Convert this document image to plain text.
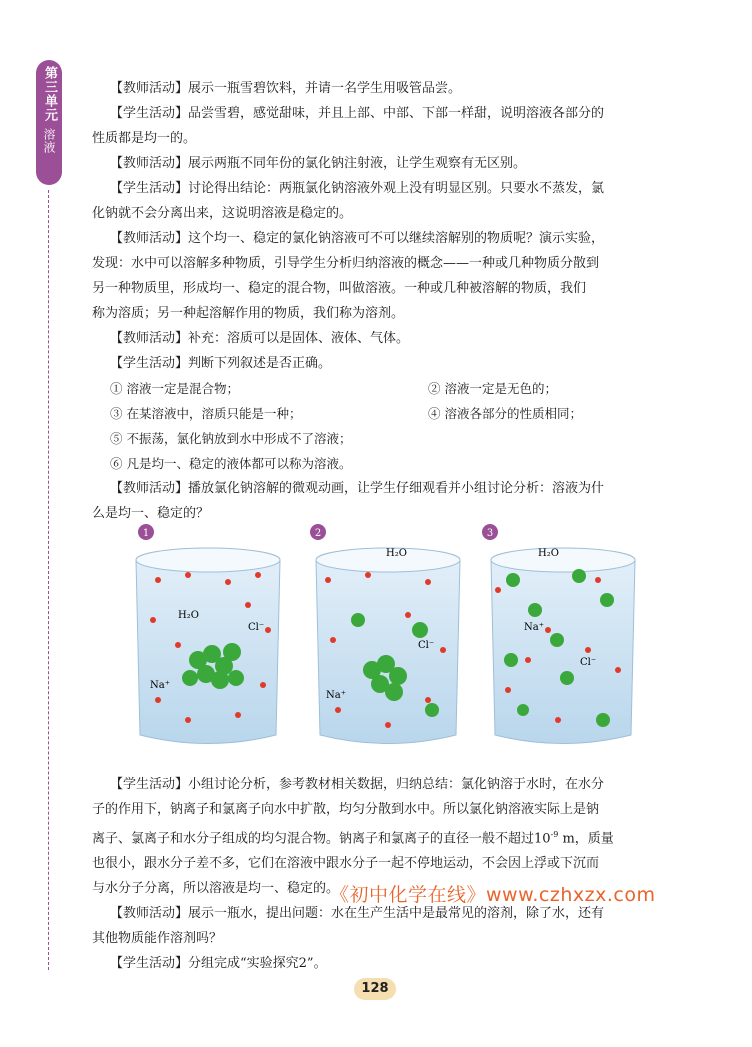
第三单元
溶液

【教师活动】展示一瓶雪碧饮料，并请一名学生用吸管品尝。

【学生活动】品尝雪碧，感觉甜味，并且上部、中部、下部一样甜，说明溶液各部分的

性质都是均一的。

【教师活动】展示两瓶不同年份的氯化钠注射液，让学生观察有无区别。

【学生活动】讨论得出结论：两瓶氯化钠溶液外观上没有明显区别。只要水不蒸发，氯

化钠就不会分离出来，这说明溶液是稳定的。

【教师活动】这个均一、稳定的氯化钠溶液可不可以继续溶解别的物质呢？演示实验，

发现：水中可以溶解多种物质，引导学生分析归纳溶液的概念——一种或几种物质分散到

另一种物质里，形成均一、稳定的混合物，叫做溶液。一种或几种被溶解的物质，我们

称为溶质；另一种起溶解作用的物质，我们称为溶剂。

【教师活动】补充：溶质可以是固体、液体、气体。

【学生活动】判断下列叙述是否正确。

① 溶液一定是混合物；	② 溶液一定是无色的；
③ 在某溶液中，溶质只能是一种；	④ 溶液各部分的性质相同；
⑤ 不振荡，氯化钠放到水中形成不了溶液；
⑥ 凡是均一、稳定的液体都可以称为溶液。

【教师活动】播放氯化钠溶解的微观动画，让学生仔细观看并小组讨论分析：溶液为什

么是均一、稳定的？

1	2	3
H₂O
Cl⁻
Na⁺
H₂O
Cl⁻
Na⁺
H₂O
Na⁺
Cl⁻

【学生活动】小组讨论分析，参考教材相关数据，归纳总结：氯化钠溶于水时，在水分

子的作用下，钠离子和氯离子向水中扩散，均匀分散到水中。所以氯化钠溶液实际上是钠

离子、氯离子和水分子组成的均匀混合物。钠离子和氯离子的直径一般不超过$10^{-9}$ m，质量

也很小，跟水分子差不多，它们在溶液中跟水分子一起不停地运动，不会因上浮或下沉而

与水分子分离，所以溶液是均一、稳定的。

【教师活动】展示一瓶水，提出问题：水在生产生活中是最常见的溶剂，除了水，还有

其他物质能作溶剂吗？

【学生活动】分组完成“实验探究2”。

《初中化学在线》www.czhxzx.com
128
